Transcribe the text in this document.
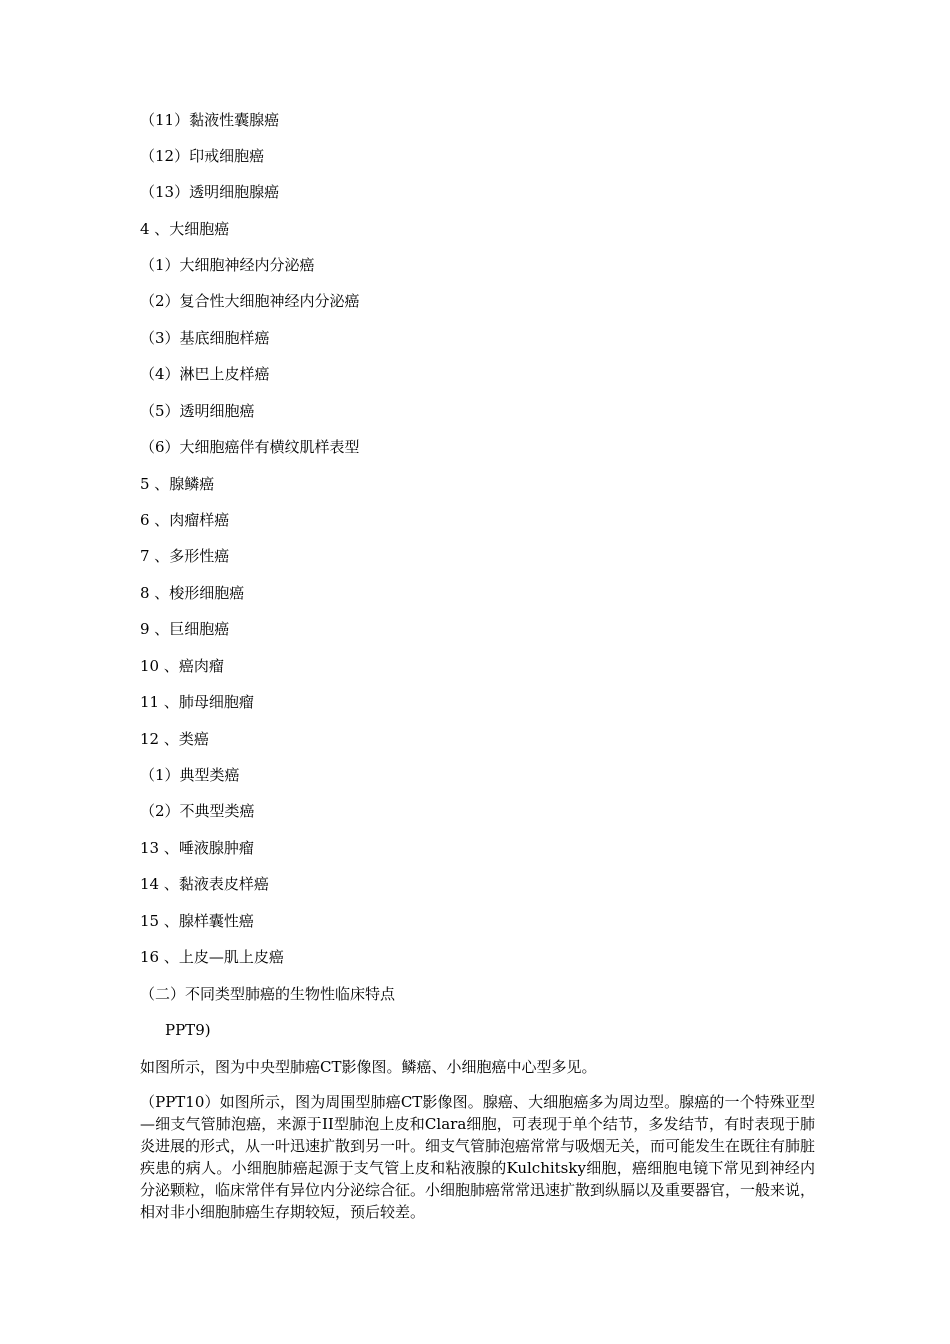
（11）黏液性囊腺癌
（12）印戒细胞癌
（13）透明细胞腺癌
4 、大细胞癌
（1）大细胞神经内分泌癌
（2）复合性大细胞神经内分泌癌
（3）基底细胞样癌
（4）淋巴上皮样癌
（5）透明细胞癌
（6）大细胞癌伴有横纹肌样表型
5 、腺鳞癌
6 、肉瘤样癌
7 、多形性癌
8 、梭形细胞癌
9 、巨细胞癌
10 、癌肉瘤
11 、肺母细胞瘤
12 、类癌
（1）典型类癌
（2）不典型类癌
13 、唾液腺肿瘤
14 、黏液表皮样癌
15 、腺样囊性癌
16 、上皮—肌上皮癌
（二）不同类型肺癌的生物性临床特点
PPT9)
如图所示，图为中央型肺癌CT影像图。鳞癌、小细胞癌中心型多见。
（PPT10）如图所示，图为周围型肺癌CT影像图。腺癌、大细胞癌多为周边型。腺癌的一个特殊亚型—细支气管肺泡癌，来源于II型肺泡上皮和Clara细胞，可表现于单个结节，多发结节，有时表现于肺炎进展的形式，从一叶迅速扩散到另一叶。细支气管肺泡癌常常与吸烟无关，而可能发生在既往有肺脏疾患的病人。小细胞肺癌起源于支气管上皮和粘液腺的Kulchitsky细胞，癌细胞电镜下常见到神经内分泌颗粒，临床常伴有异位内分泌综合征。小细胞肺癌常常迅速扩散到纵膈以及重要器官，一般来说，相对非小细胞肺癌生存期较短，预后较差。
